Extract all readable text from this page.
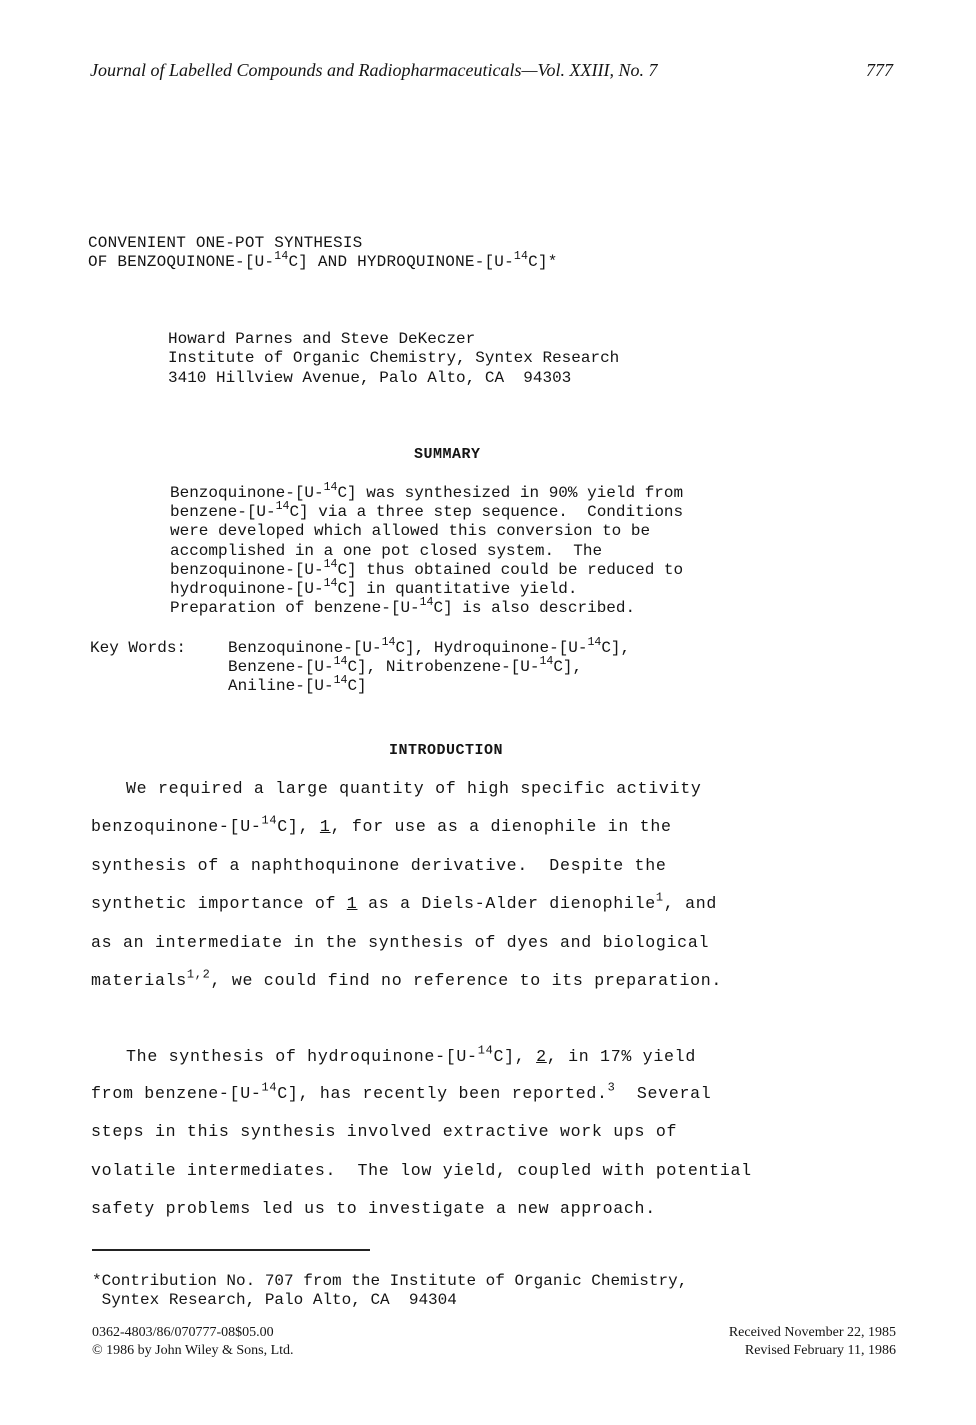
Journal of Labelled Compounds and Radiopharmaceuticals—Vol. XXIII, No. 7	777
CONVENIENT ONE-POT SYNTHESIS
OF BENZOQUINONE-[U-$^{14}$C] AND HYDROQUINONE-[U-$^{14}$C]*
Howard Parnes and Steve DeKeczer
Institute of Organic Chemistry, Syntex Research
3410 Hillview Avenue, Palo Alto, CA  94303
SUMMARY
Benzoquinone-[U-$^{14}$C] was synthesized in 90% yield from
benzene-[U-$^{14}$C] via a three step sequence.  Conditions
were developed which allowed this conversion to be
accomplished in a one pot closed system.  The
benzoquinone-[U-$^{14}$C] thus obtained could be reduced to
hydroquinone-[U-$^{14}$C] in quantitative yield.
Preparation of benzene-[U-$^{14}$C] is also described.
Key Words:	Benzoquinone-[U-$^{14}$C], Hydroquinone-[U-$^{14}$C],
Benzene-[U-$^{14}$C], Nitrobenzene-[U-$^{14}$C],
Aniline-[U-$^{14}$C]
INTRODUCTION
We required a large quantity of high specific activity
benzoquinone-[U-$^{14}$C], 1, for use as a dienophile in the
synthesis of a naphthoquinone derivative.  Despite the
synthetic importance of 1 as a Diels-Alder dienophile$^1$, and
as an intermediate in the synthesis of dyes and biological
materials$^{1,2}$, we could find no reference to its preparation.
The synthesis of hydroquinone-[U-$^{14}$C], 2, in 17% yield
from benzene-[U-$^{14}$C], has recently been reported.$^3$  Several
steps in this synthesis involved extractive work ups of
volatile intermediates.  The low yield, coupled with potential
safety problems led us to investigate a new approach.
*Contribution No. 707 from the Institute of Organic Chemistry,
Syntex Research, Palo Alto, CA  94304
0362-4803/86/070777-08$05.00
© 1986 by John Wiley & Sons, Ltd.
Received November 22, 1985
Revised February 11, 1986
